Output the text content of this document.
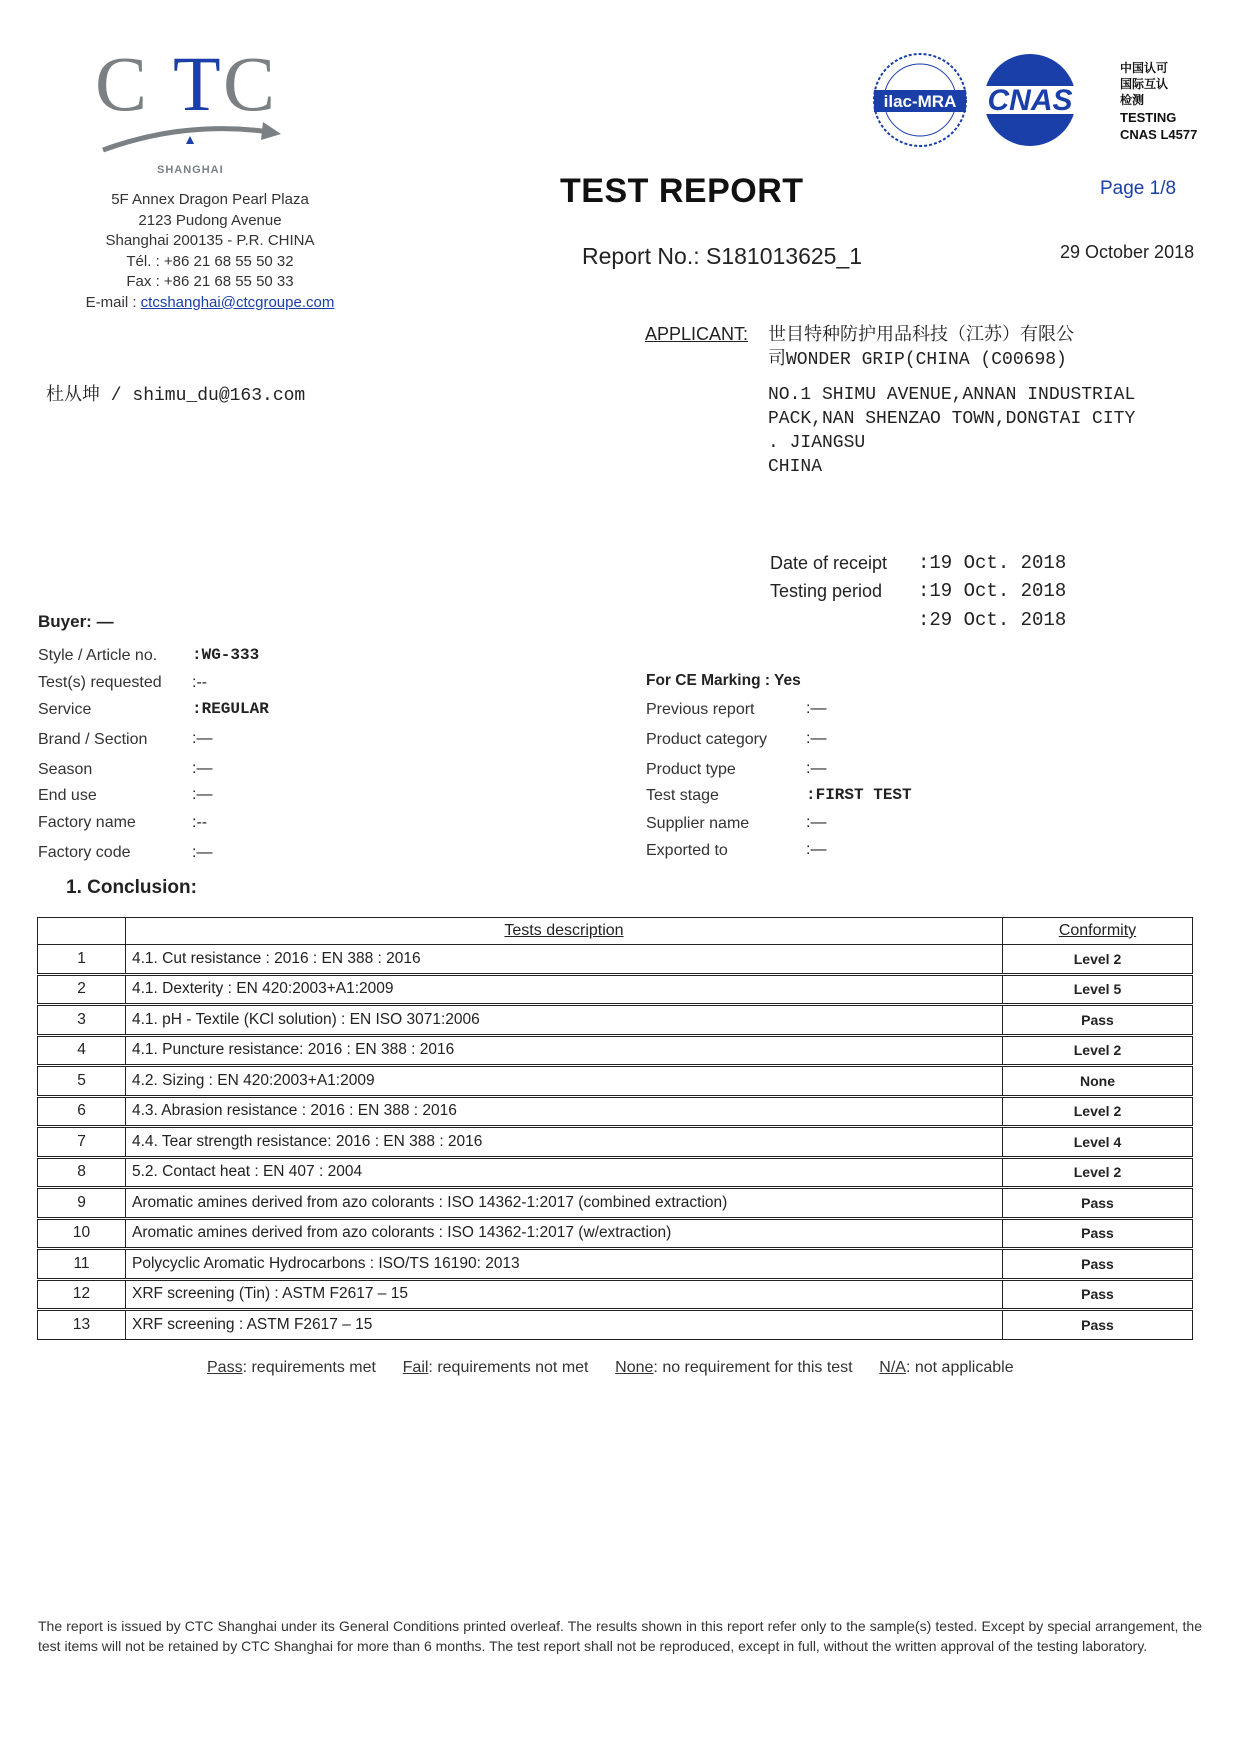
C T C
SHANGHAI
5F Annex Dragon Pearl Plaza
2123 Pudong Avenue
Shanghai 200135 - P.R. CHINA
Tél. : +86 21 68 55 50 32
Fax : +86 21 68 55 50 33
E-mail : ctcshanghai@ctcgroupe.com
ilac-MRA CNAS
中国认可
国际互认
检测
TESTING
CNAS L4577
TEST REPORT	Page 1/8
Report No.: S181013625_1	29 October 2018
APPLICANT: 世目特种防护用品科技（江苏）有限公
司WONDER GRIP(CHINA (C00698)
杜从坤 / shimu_du@163.com	NO.1 SHIMU AVENUE,ANNAN INDUSTRIAL
PACK,NAN SHENZAO TOWN,DONGTAI CITY
. JIANGSU
CHINA
Date of receipt :19 Oct. 2018
Testing period :19 Oct. 2018
:29 Oct. 2018
Buyer: —
Style / Article no. :WG-333
Test(s) requested :--
Service	:REGULAR
Brand / Section	:—
Season	:—
End use	:—
Factory name	:--
Factory code	:—
For CE Marking : Yes
Previous report	:—
Product category :—
Product type	:—
Test stage	:FIRST TEST
Supplier name	:—
Exported to	:—
1. Conclusion:
	Tests description	Conformity
1	4.1. Cut resistance : 2016 : EN 388 : 2016	Level 2
2	4.1. Dexterity : EN 420:2003+A1:2009	Level 5
3	4.1. pH - Textile (KCl solution) : EN ISO 3071:2006	Pass
4	4.1. Puncture resistance: 2016 : EN 388 : 2016	Level 2
5	4.2. Sizing : EN 420:2003+A1:2009	None
6	4.3. Abrasion resistance : 2016 : EN 388 : 2016	Level 2
7	4.4. Tear strength resistance: 2016 : EN 388 : 2016	Level 4
8	5.2. Contact heat : EN 407 : 2004	Level 2
9	Aromatic amines derived from azo colorants : ISO 14362-1:2017 (combined extraction)	Pass
10	Aromatic amines derived from azo colorants : ISO 14362-1:2017 (w/extraction)	Pass
11	Polycyclic Aromatic Hydrocarbons : ISO/TS 16190: 2013	Pass
12	XRF screening (Tin) : ASTM F2617 – 15	Pass
13	XRF screening : ASTM F2617 – 15	Pass
Pass: requirements met Fail: requirements not met None: no requirement for this test N/A: not applicable
The report is issued by CTC Shanghai under its General Conditions printed overleaf. The results shown in this report refer only to the sample(s) tested. Except by special arrangement, the test items will not be retained by CTC Shanghai for more than 6 months. The test report shall not be reproduced, except in full, without the written approval of the testing laboratory.
